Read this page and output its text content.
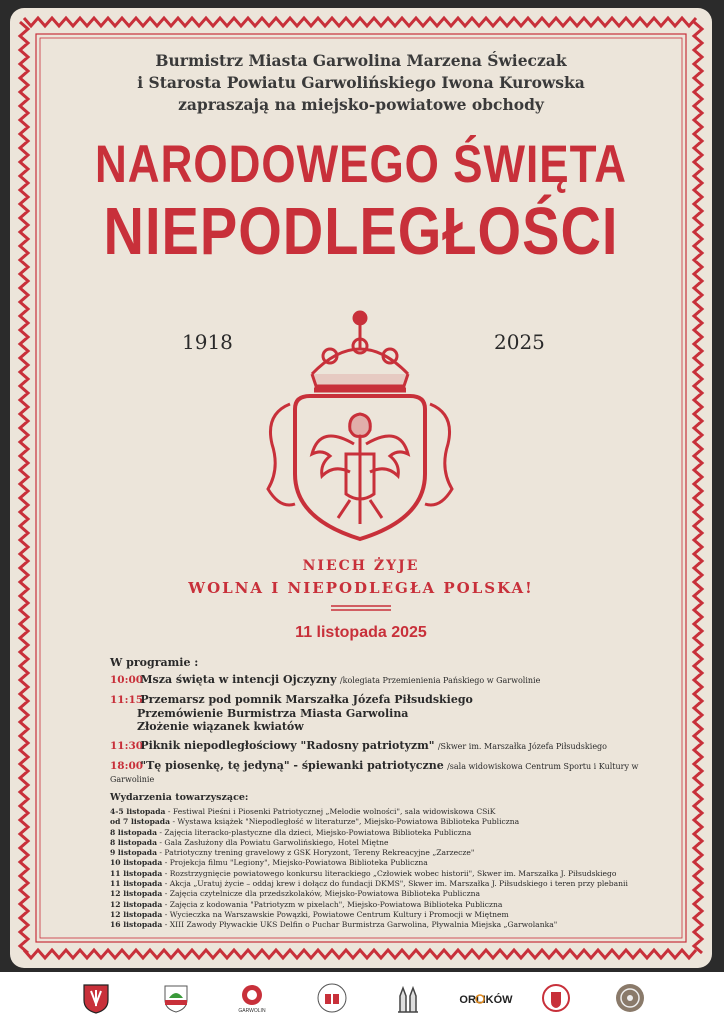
Burmistrz Miasta Garwolina Marzena Świeczak
i Starosta Powiatu Garwolińskiego Iwona Kurowska
zapraszają na miejsko-powiatowe obchody
NARODOWEGO ŚWIĘTA
NIEPODLEGŁOŚCI
1918	2025
NIECH ŻYJE
WOLNA I NIEPODLEGŁA POLSKA!
11 listopada 2025
W programie :
10:00 Msza święta w intencji Ojczyzny /kolegiata Przemienienia Pańskiego w Garwolinie
11:15 Przemarsz pod pomnik Marszałka Józefa Piłsudskiego
Przemówienie Burmistrza Miasta Garwolina
Złożenie wiązanek kwiatów
11:30 Piknik niepodległościowy "Radosny patriotyzm" /Skwer im. Marszałka Józefa Piłsudskiego
18:00 "Tę piosenkę, tę jedyną" - śpiewanki patriotyczne /sala widowiskowa Centrum Sportu i Kultury w Garwolinie
Wydarzenia towarzyszące:
4-5 listopada - Festiwal Pieśni i Piosenki Patriotycznej „Melodie wolności", sala widowiskowa CSiK
od 7 listopada - Wystawa książek "Niepodległość w literaturze", Miejsko-Powiatowa Biblioteka Publiczna
8 listopada - Zajęcia literacko-plastyczne dla dzieci, Miejsko-Powiatowa Biblioteka Publiczna
8 listopada - Gala Zasłużony dla Powiatu Garwolińskiego, Hotel Miętne
9 listopada - Patriotyczny trening gravelowy z GSK Horyzont, Tereny Rekreacyjne „Zarzecze"
10 listopada - Projekcja filmu "Legiony", Miejsko-Powiatowa Biblioteka Publiczna
11 listopada - Rozstrzygnięcie powiatowego konkursu literackiego „Człowiek wobec historii", Skwer im. Marszałka J. Piłsudskiego
11 listopada - Akcja „Uratuj życie – oddaj krew i dołącz do fundacji DKMS", Skwer im. Marszałka J. Piłsudskiego i teren przy plebanii
12 listopada - Zajęcia czytelnicze dla przedszkolaków, Miejsko-Powiatowa Biblioteka Publiczna
12 listopada - Zajęcia z kodowania "Patriotyzm w pixelach", Miejsko-Powiatowa Biblioteka Publiczna
12 listopada - Wycieczka na Warszawskie Powązki, Powiatowe Centrum Kultury i Promocji w Miętnem
16 listopada - XIII Zawody Pływackie UKS Delfin o Puchar Burmistrza Garwolina, Pływalnia Miejska „Garwolanka"
GARWOLIN
ORLIKÓW
